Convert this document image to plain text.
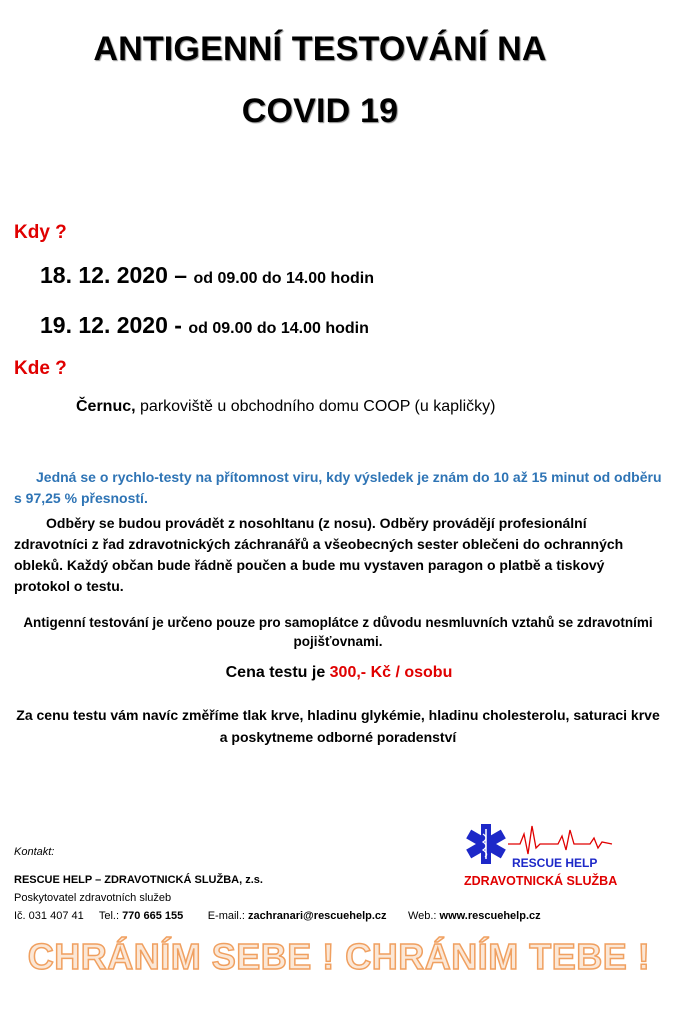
ANTIGENNÍ TESTOVÁNÍ NA
COVID 19
Kdy ?
18. 12. 2020 – od 09.00 do 14.00 hodin
19. 12. 2020 - od 09.00 do 14.00 hodin
Kde ?
Černuc, parkoviště u obchodního domu COOP (u kapličky)
Jedná se o rychlo-testy na přítomnost viru, kdy výsledek je znám do 10 až 15 minut od odběru s 97,25 % přesností.
Odběry se budou provádět z nosohltanu (z nosu). Odběry provádějí profesionální zdravotníci z řad zdravotnických záchranářů a všeobecných sester oblečeni do ochranných obleků. Každý občan bude řádně poučen a bude mu vystaven paragon o platbě a tiskový protokol o testu.
Antigenní testování je určeno pouze pro samoplátce z důvodu nesmluvních vztahů se zdravotními pojišťovnami.
Cena testu je 300,- Kč / osobu
Za cenu testu vám navíc změříme tlak krve, hladinu glykémie, hladinu cholesterolu, saturaci krve a poskytneme odborné poradenství
Kontakt:
RESCUE HELP – ZDRAVOTNICKÁ SLUŽBA, z.s.
Poskytovatel zdravotních služeb
Ič. 031 407 41 Tel.: 770 665 155 E-mail.: zachranari@rescuehelp.cz Web.: www.rescuehelp.cz
RESCUE HELP
ZDRAVOTNICKÁ SLUŽBA
CHRÁNÍM SEBE ! CHRÁNÍM TEBE !
